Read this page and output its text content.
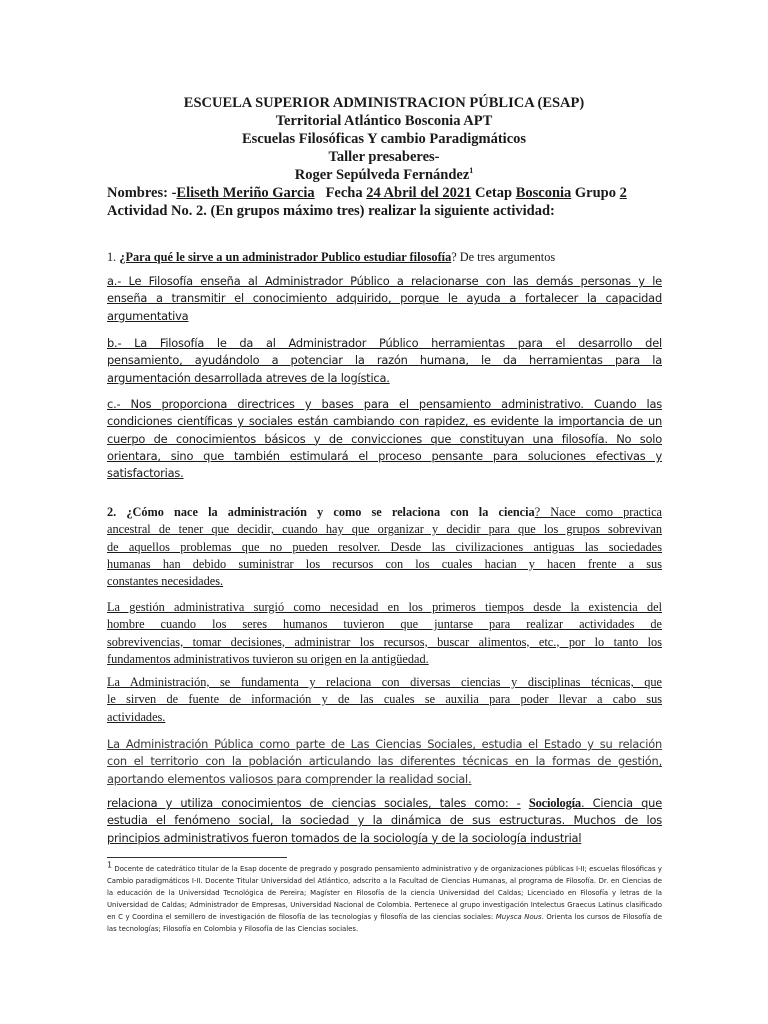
ESCUELA SUPERIOR ADMINISTRACION PÚBLICA (ESAP)
Territorial Atlántico Bosconia APT
Escuelas Filosóficas Y cambio Paradigmáticos
Taller presaberes-
Roger Sepúlveda Fernández$^1$
Nombres: -Eliseth Meriño Garcia Fecha 24 Abril del 2021 Cetap Bosconia Grupo 2
Actividad No. 2. (En grupos máximo tres) realizar la siguiente actividad:
1. ¿Para qué le sirve a un administrador Publico estudiar filosofía? De tres argumentos
a.- Le Filosofía enseña al Administrador Público a relacionarse con las demás personas y le
enseña a transmitir el conocimiento adquirido, porque le ayuda a fortalecer la capacidad
argumentativa
b.- La Filosofía le da al Administrador Público herramientas para el desarrollo del
pensamiento, ayudándolo a potenciar la razón humana, le da herramientas para la
argumentación desarrollada atreves de la logística.
c.- Nos proporciona directrices y bases para el pensamiento administrativo. Cuando las
condiciones científicas y sociales están cambiando con rapidez, es evidente la importancia de un
cuerpo de conocimientos básicos y de convicciones que constituyan una filosofía. No solo
orientara, sino que también estimulará el proceso pensante para soluciones efectivas y
satisfactorias.
2. ¿Cómo nace la administración y como se relaciona con la ciencia? Nace como practica
ancestral de tener que decidir, cuando hay que organizar y decidir para que los grupos sobrevivan
de aquellos problemas que no pueden resolver. Desde las civilizaciones antiguas las sociedades
humanas han debido suministrar los recursos con los cuales hacian y hacen frente a sus
constantes necesidades.
La gestión administrativa surgió como necesidad en los primeros tiempos desde la existencia del
hombre cuando los seres humanos tuvieron que juntarse para realizar actividades de
sobrevivencias, tomar decisiones, administrar los recursos, buscar alimentos, etc., por lo tanto los
fundamentos administrativos tuvieron su origen en la antigüedad.
La Administración, se fundamenta y relaciona con diversas ciencias y disciplinas técnicas, que
le sirven de fuente de información y de las cuales se auxilia para poder llevar a cabo sus
actividades.
La Administración Pública como parte de Las Ciencias Sociales, estudia el Estado y su relación
con el territorio con la población articulando las diferentes técnicas en la formas de gestión,
aportando elementos valiosos para comprender la realidad social.
relaciona y utiliza conocimientos de ciencias sociales, tales como: - Sociología. Ciencia que
estudia el fenómeno social, la sociedad y la dinámica de sus estructuras. Muchos de los
principios administrativos fueron tomados de la sociología y de la sociología industrial
$^1$ Docente de catedrático titular de la Esap docente de pregrado y posgrado pensamiento administrativo y de organizaciones públicas I-II; escuelas filosóficas y Cambio paradigmáticos I-II. Docente Titular Universidad del Atlántico, adscrito a la Facultad de Ciencias Humanas, al programa de Filosofía. Dr. en Ciencias de la educación de la Universidad Tecnológica de Pereira; Magíster en Filosofía de la ciencia Universidad del Caldas; Licenciado en Filosofía y letras de la Universidad de Caldas; Administrador de Empresas, Universidad Nacional de Colombia. Pertenece al grupo investigación Intelectus Graecus Latinus clasificado en C y Coordina el semillero de investigación de filosofía de las tecnologías y filosofía de las ciencias sociales: Muysca Nous. Orienta los cursos de Filosofía de las tecnologías; Filosofía en Colombia y Filosofía de las Ciencias sociales.
